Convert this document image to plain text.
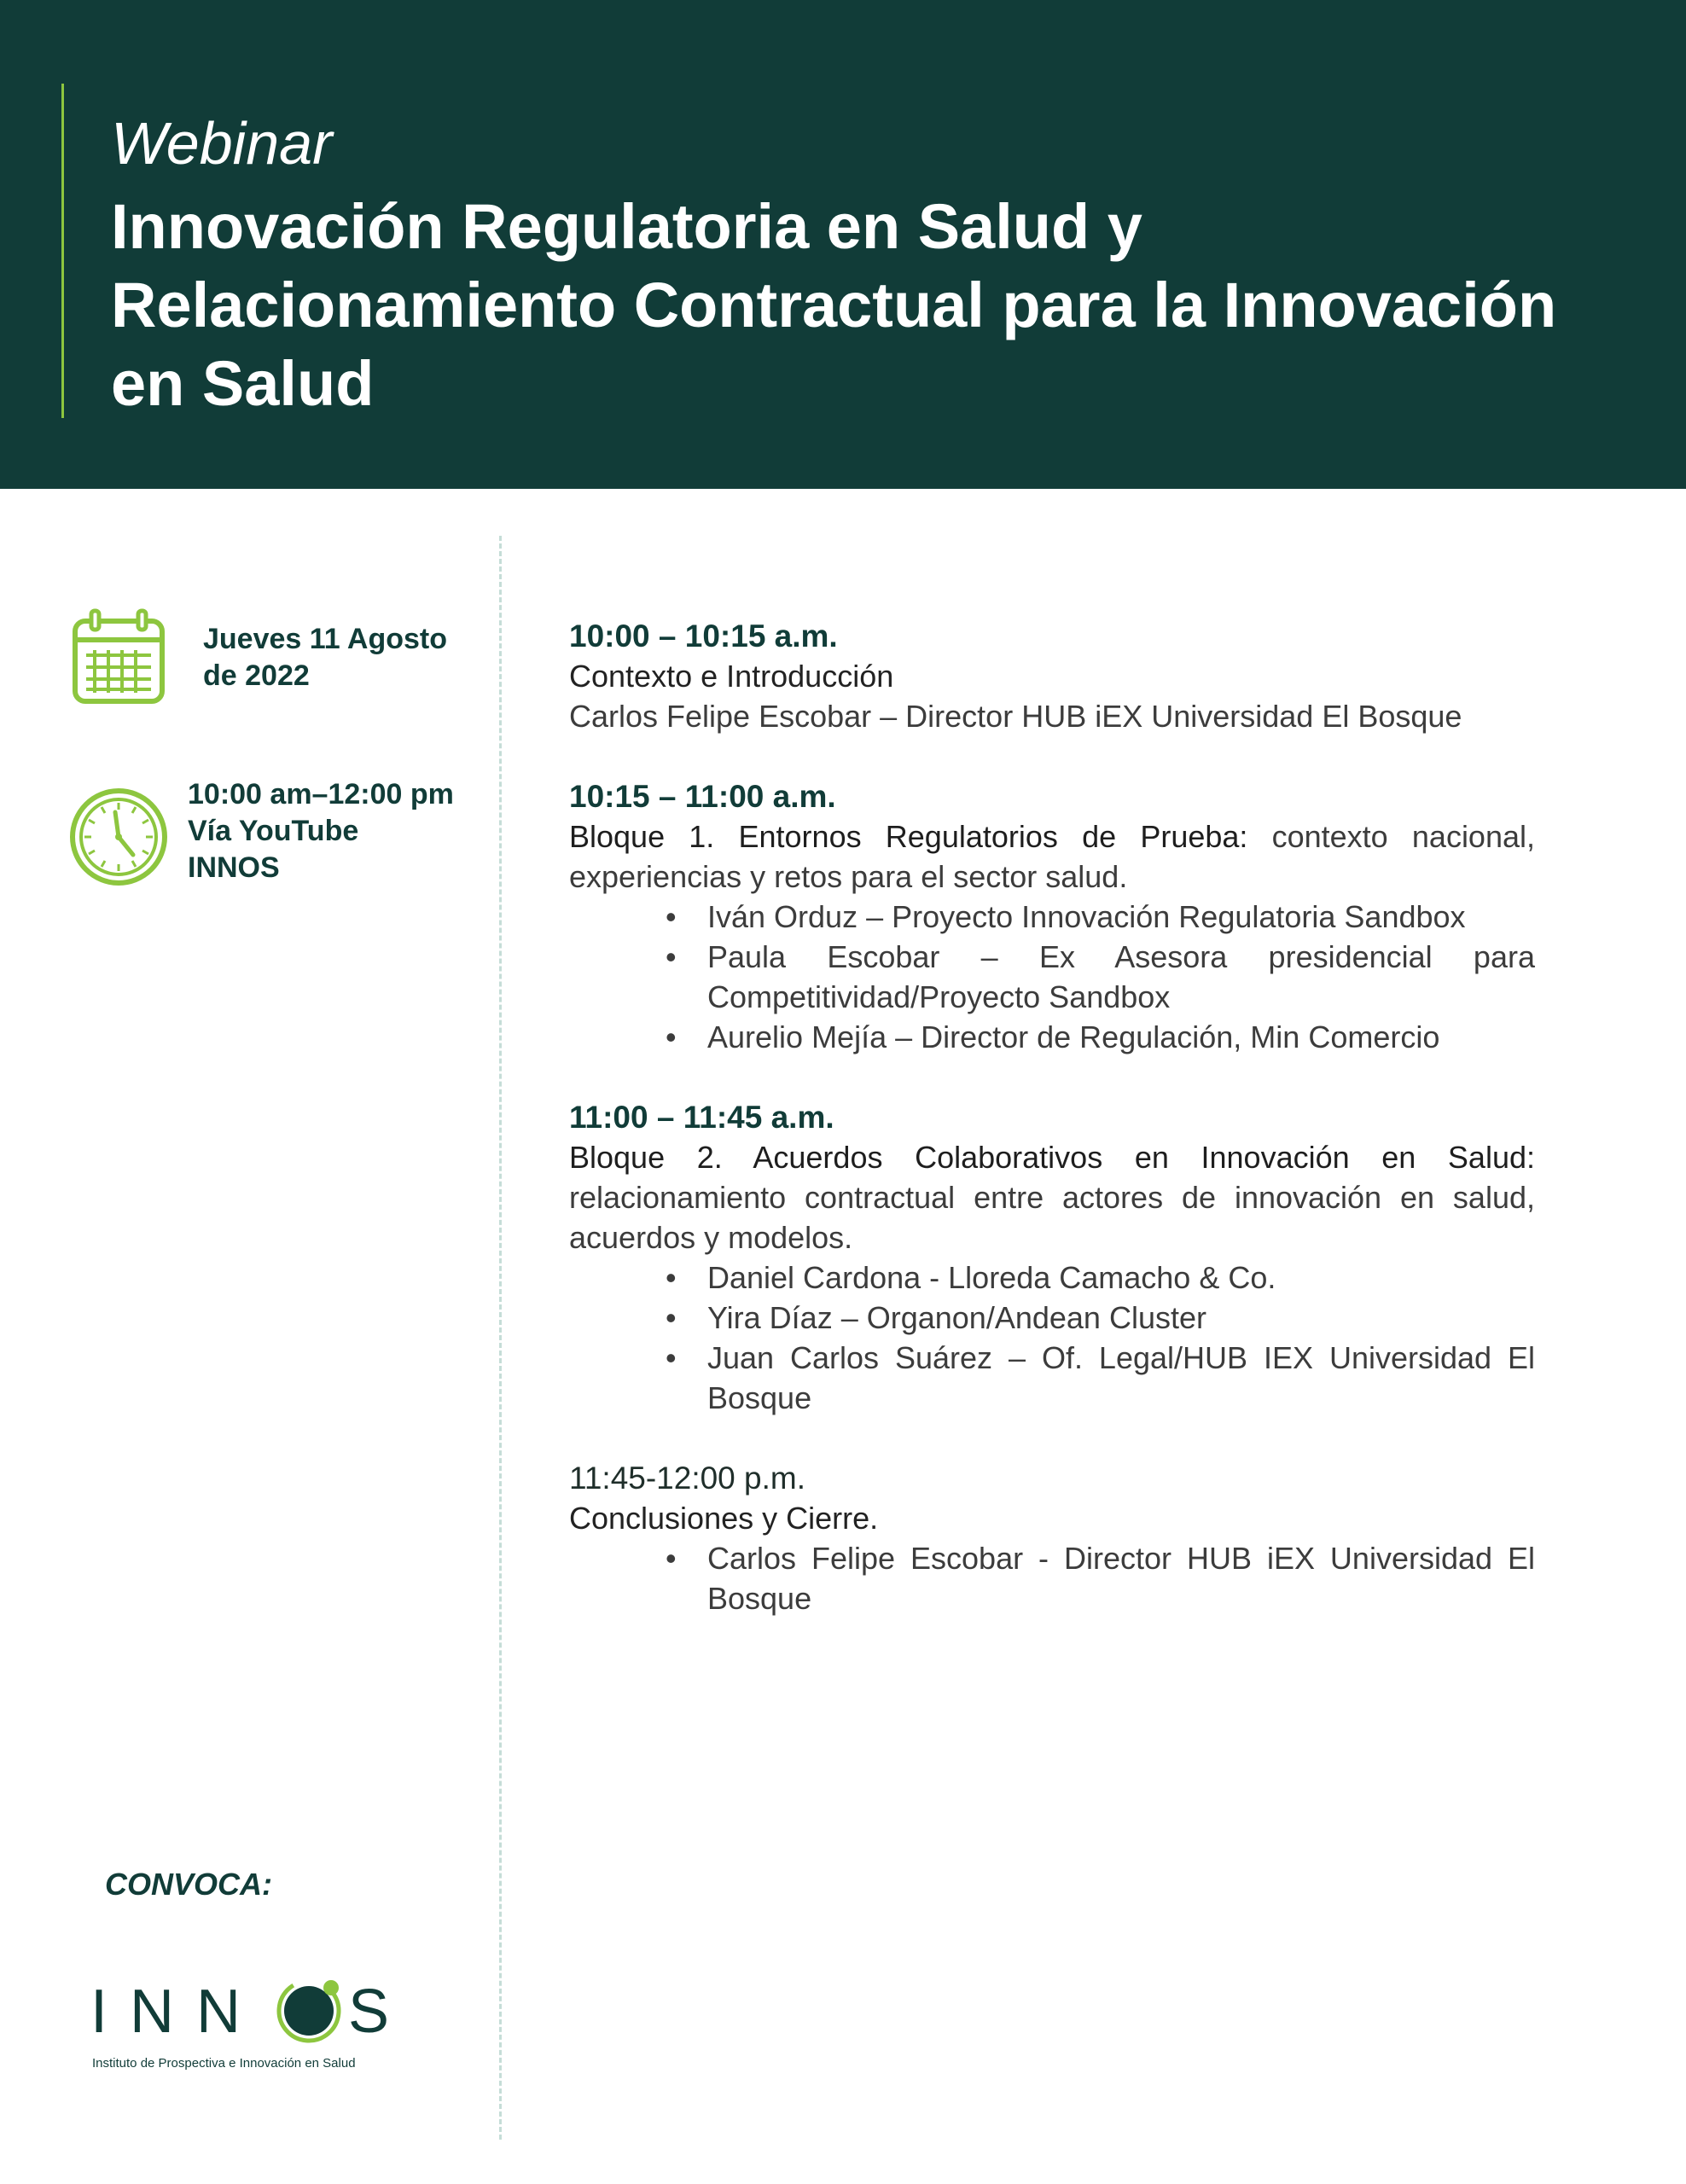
Webinar
Innovación Regulatoria en Salud y Relacionamiento Contractual para la Innovación en Salud
Jueves 11 Agosto
de 2022
10:00 am–12:00 pm
Vía YouTube
INNOS
10:00 – 10:15 a.m.
Contexto e Introducción
Carlos Felipe Escobar – Director HUB iEX Universidad El Bosque
10:15 – 11:00 a.m.
Bloque 1. Entornos Regulatorios de Prueba: contexto nacional, experiencias y retos para el sector salud.
• Iván Orduz – Proyecto Innovación Regulatoria Sandbox
• Paula Escobar – Ex Asesora presidencial para Competitividad/Proyecto Sandbox
• Aurelio Mejía – Director de Regulación, Min Comercio
11:00 – 11:45 a.m.
Bloque 2. Acuerdos Colaborativos en Innovación en Salud: relacionamiento contractual entre actores de innovación en salud, acuerdos y modelos.
• Daniel Cardona - Lloreda Camacho & Co.
• Yira Díaz – Organon/Andean Cluster
• Juan Carlos Suárez – Of. Legal/HUB IEX Universidad El Bosque
11:45-12:00 p.m.
Conclusiones y Cierre.
• Carlos Felipe Escobar - Director HUB iEX Universidad El Bosque
CONVOCA:
INN S
Instituto de Prospectiva e Innovación en Salud
